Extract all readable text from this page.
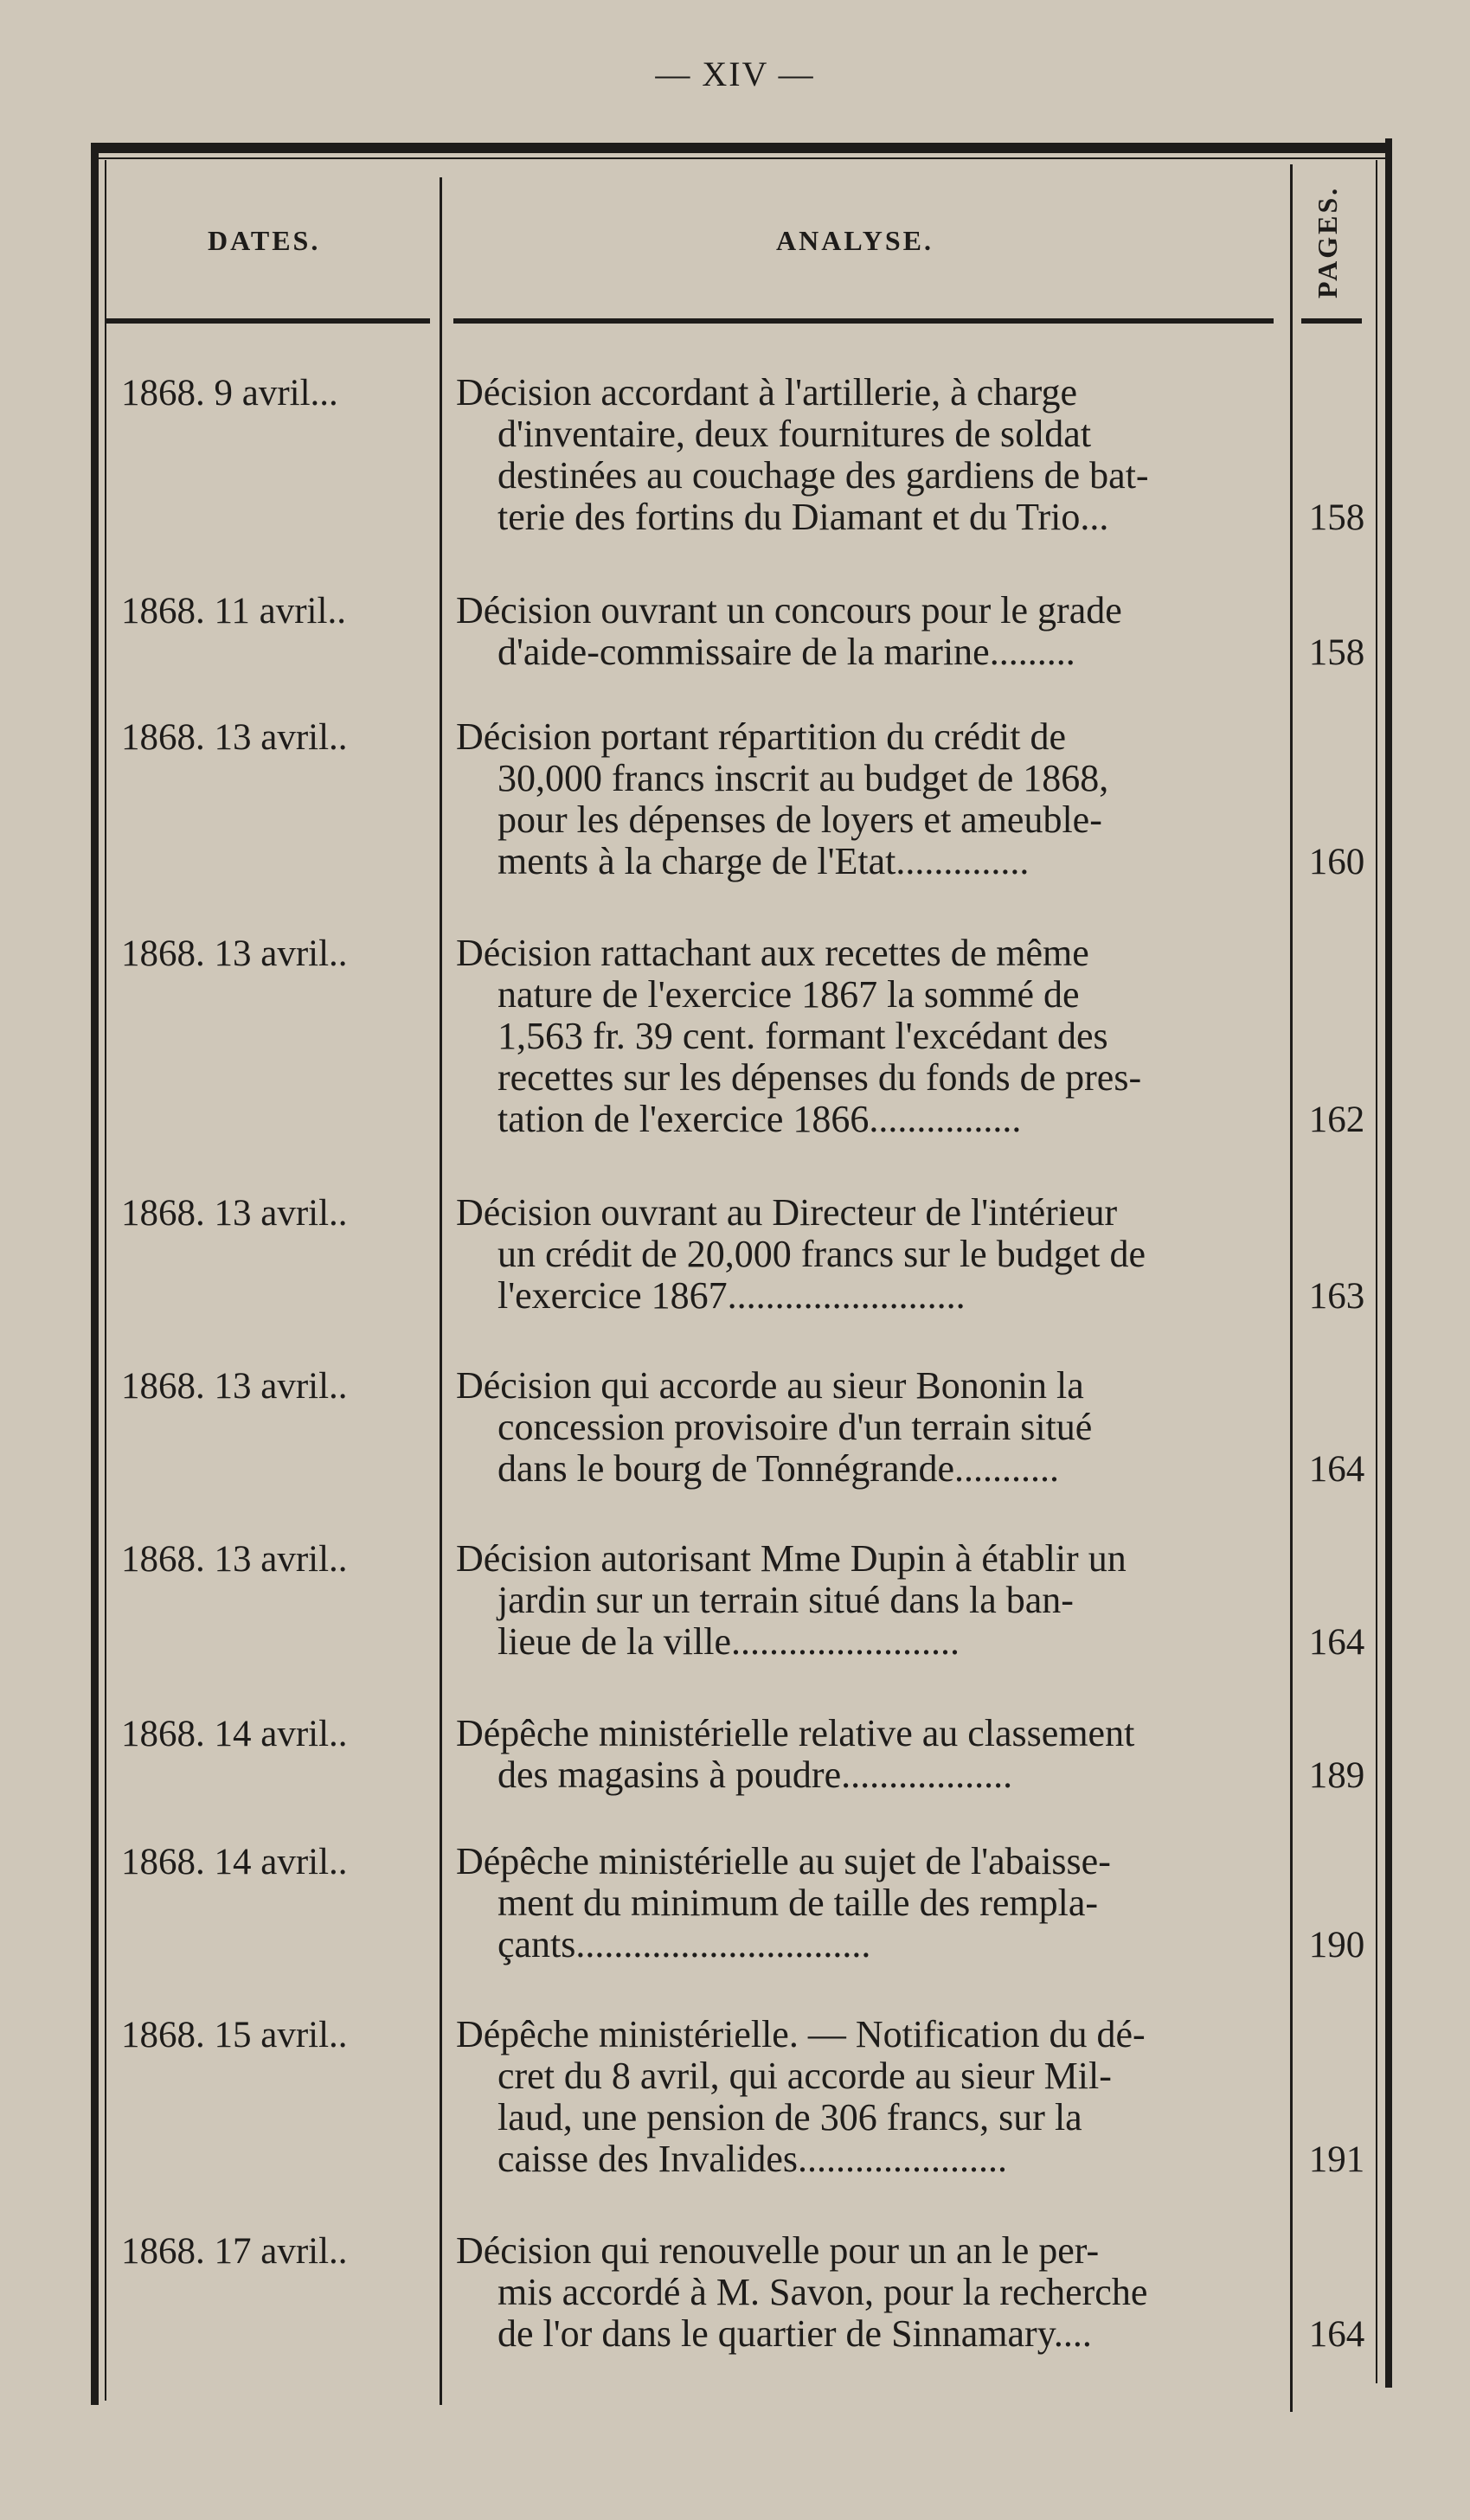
— XIV —
DATES.	ANALYSE.	PAGES.
1868. 9 avril...	Décision accordant à l'artillerie, à charge
d'inventaire, deux fournitures de soldat
destinées au couchage des gardiens de bat-
terie des fortins du Diamant et du Trio...	158
1868. 11 avril..	Décision ouvrant un concours pour le grade
d'aide-commissaire de la marine.........	158
1868. 13 avril..	Décision portant répartition du crédit de
30,000 francs inscrit au budget de 1868,
pour les dépenses de loyers et ameuble-
ments à la charge de l'Etat..............	160
1868. 13 avril..	Décision rattachant aux recettes de même
nature de l'exercice 1867 la sommé de
1,563 fr. 39 cent. formant l'excédant des
recettes sur les dépenses du fonds de pres-
tation de l'exercice 1866................	162
1868. 13 avril..	Décision ouvrant au Directeur de l'intérieur
un crédit de 20,000 francs sur le budget de
l'exercice 1867.........................	163
1868. 13 avril..	Décision qui accorde au sieur Bononin la
concession provisoire d'un terrain situé
dans le bourg de Tonnégrande...........	164
1868. 13 avril..	Décision autorisant Mme Dupin à établir un
jardin sur un terrain situé dans la ban-
lieue de la ville........................	164
1868. 14 avril..	Dépêche ministérielle relative au classement
des magasins à poudre..................	189
1868. 14 avril..	Dépêche ministérielle au sujet de l'abaisse-
ment du minimum de taille des rempla-
çants...............................	190
1868. 15 avril..	Dépêche ministérielle. — Notification du dé-
cret du 8 avril, qui accorde au sieur Mil-
laud, une pension de 306 francs, sur la
caisse des Invalides......................	191
1868. 17 avril..	Décision qui renouvelle pour un an le per-
mis accordé à M. Savon, pour la recherche
de l'or dans le quartier de Sinnamary....	164
